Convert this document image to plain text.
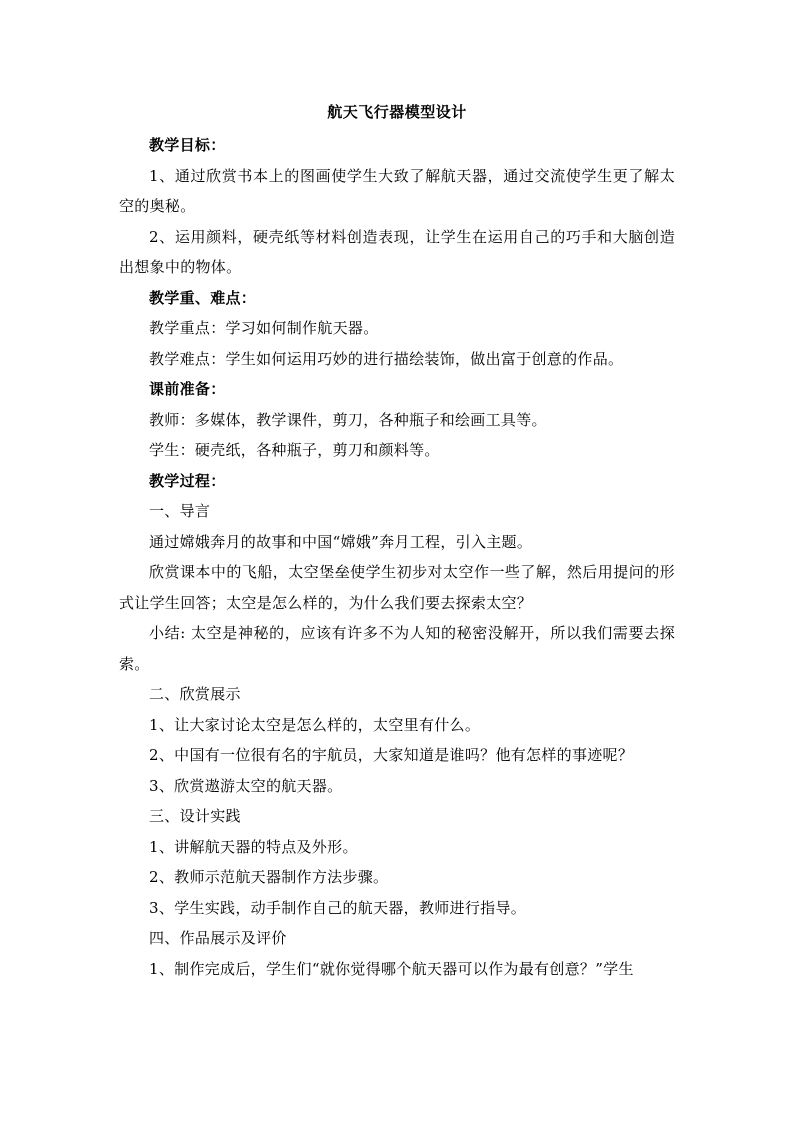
航天飞行器模型设计

教学目标：

1、通过欣赏书本上的图画使学生大致了解航天器，通过交流使学生更了解太空的奥秘。

2、运用颜料，硬壳纸等材料创造表现，让学生在运用自己的巧手和大脑创造出想象中的物体。

教学重、难点：

教学重点：学习如何制作航天器。

教学难点：学生如何运用巧妙的进行描绘装饰，做出富于创意的作品。

课前准备：

教师：多媒体，教学课件，剪刀，各种瓶子和绘画工具等。

学生：硬壳纸，各种瓶子，剪刀和颜料等。

教学过程：

一、导言

通过嫦娥奔月的故事和中国“嫦娥”奔月工程，引入主题。

欣赏课本中的飞船，太空堡垒使学生初步对太空作一些了解，然后用提问的形式让学生回答；太空是怎么样的，为什么我们要去探索太空？

小结: 太空是神秘的，应该有许多不为人知的秘密没解开，所以我们需要去探索。

二、欣赏展示

1、让大家讨论太空是怎么样的，太空里有什么。

2、中国有一位很有名的宇航员，大家知道是谁吗？他有怎样的事迹呢？

3、欣赏遨游太空的航天器。

三、设计实践

1、讲解航天器的特点及外形。

2、教师示范航天器制作方法步骤。

3、学生实践，动手制作自己的航天器，教师进行指导。

四、作品展示及评价

1、制作完成后，学生们“就你觉得哪个航天器可以作为最有创意？”学生
